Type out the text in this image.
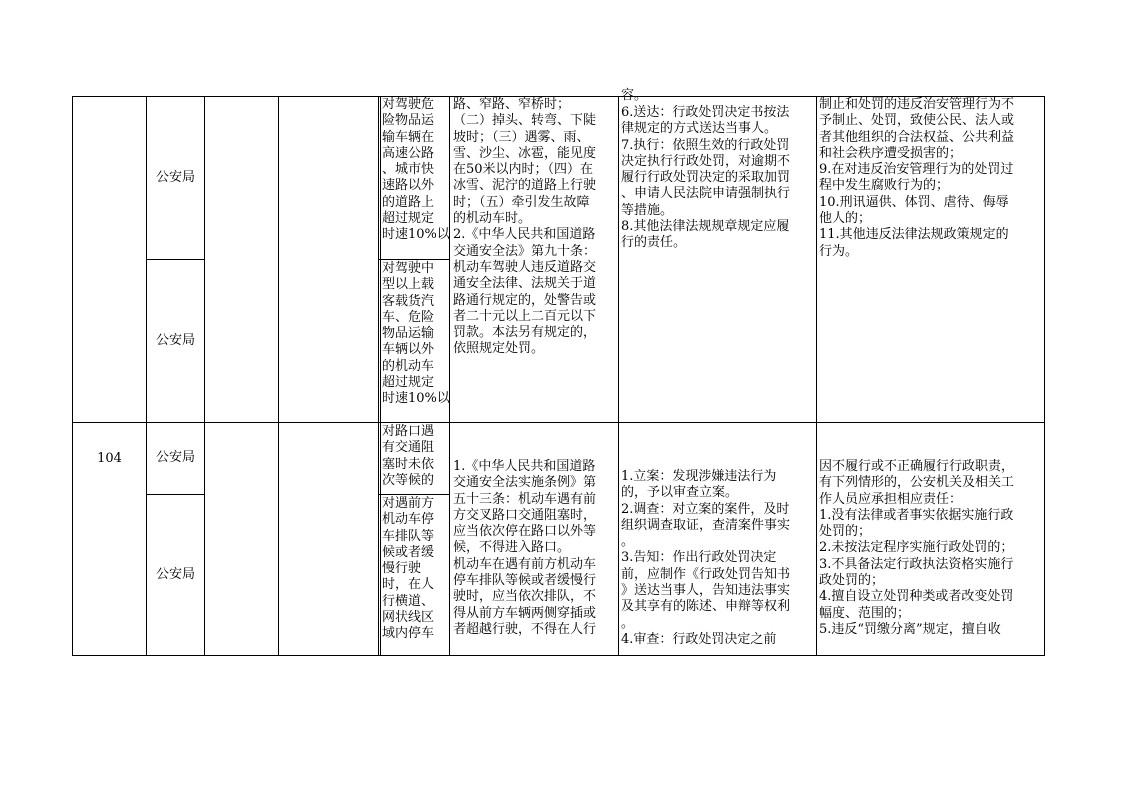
104
公安局
公安局
公安局
公安局
对驾驶危
险物品运
输车辆在
高速公路
、城市快
速路以外
的道路上
超过规定
时速10%以
对驾驶中
型以上载
客载货汽
车、危险
物品运输
车辆以外
的机动车
超过规定
时速10%以
对路口遇
有交通阻
塞时未依
次等候的
对遇前方
机动车停
车排队等
候或者缓
慢行驶
时，在人
行横道、
网状线区
域内停车
路、窄路、窄桥时；
（二）掉头、转弯、下陡
坡时；（三）遇雾、雨、
雪、沙尘、冰雹，能见度
在50米以内时；（四）在
冰雪、泥泞的道路上行驶
时；（五）牵引发生故障
的机动车时。
2.《中华人民共和国道路
交通安全法》第九十条：
机动车驾驶人违反道路交
通安全法律、法规关于道
路通行规定的，处警告或
者二十元以上二百元以下
罚款。本法另有规定的，
依照规定处罚。
1.《中华人民共和国道路
交通安全法实施条例》第
五十三条：机动车遇有前
方交叉路口交通阻塞时，
应当依次停在路口以外等
候，不得进入路口。
机动车在遇有前方机动车
停车排队等候或者缓慢行
驶时，应当依次排队，不
得从前方车辆两侧穿插或
者超越行驶，不得在人行
容。
6.送达：行政处罚决定书按法
律规定的方式送达当事人。
7.执行：依照生效的行政处罚
决定执行行政处罚，对逾期不
履行行政处罚决定的采取加罚
、申请人民法院申请强制执行
等措施。
8.其他法律法规规章规定应履
行的责任。
1.立案：发现涉嫌违法行为
的，予以审查立案。
2.调查：对立案的案件，及时
组织调查取证，查清案件事实
。
3.告知：作出行政处罚决定
前，应制作《行政处罚告知书
》送达当事人，告知违法事实
及其享有的陈述、申辩等权利
。
4.审查：行政处罚决定之前
制止和处罚的违反治安管理行为不
予制止、处罚，致使公民、法人或
者其他组织的合法权益、公共利益
和社会秩序遭受损害的；
9.在对违反治安管理行为的处罚过
程中发生腐败行为的；
10.刑讯逼供、体罚、虐待、侮辱
他人的；
11.其他违反法律法规政策规定的
行为。
因不履行或不正确履行行政职责，
有下列情形的，公安机关及相关工
作人员应承担相应责任：
1.没有法律或者事实依据实施行政
处罚的；
2.未按法定程序实施行政处罚的；
3.不具备法定行政执法资格实施行
政处罚的；
4.擅自设立处罚种类或者改变处罚
幅度、范围的；
5.违反“罚缴分离”规定，擅自收
